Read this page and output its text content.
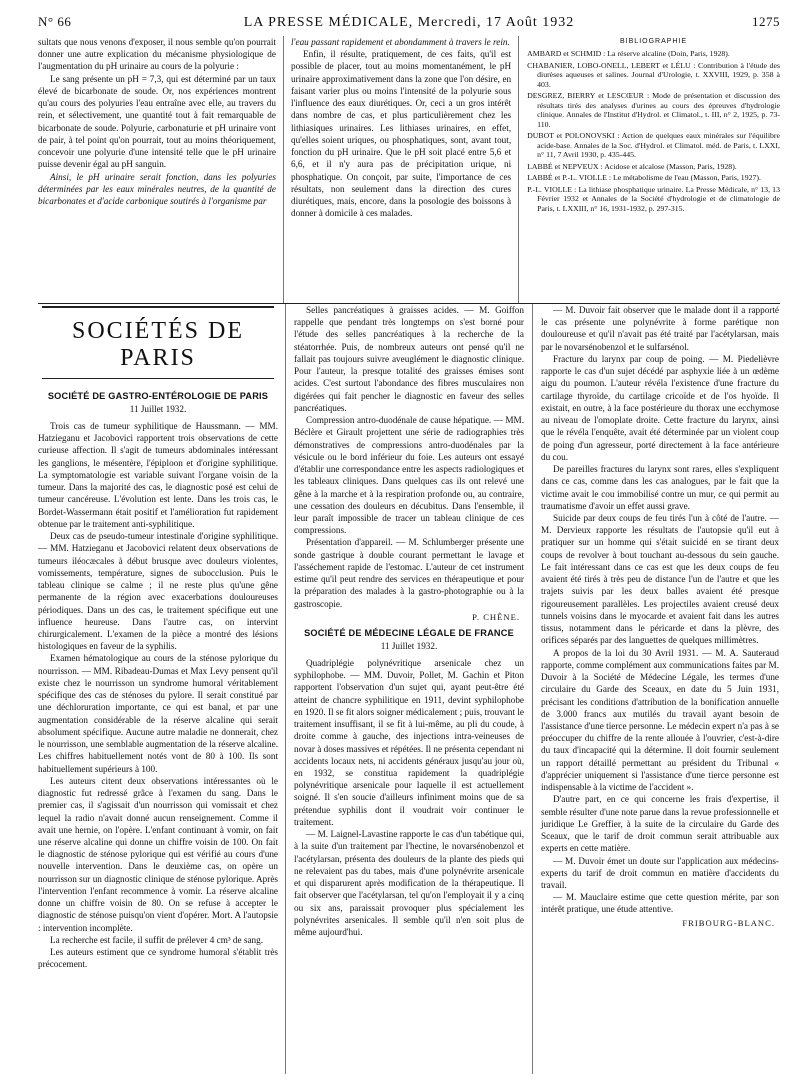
N° 66	LA PRESSE MÉDICALE, Mercredi, 17 Août 1932	1275

sultats que nous venons d'exposer, il nous semble qu'on pourrait donner une autre explication du mécanisme physiologique de l'augmentation du pH urinaire au cours de la polyurie :

Le sang présente un pH = 7,3, qui est déterminé par un taux élevé de bicarbonate de soude. Or, nos expériences montrent qu'au cours des polyuries l'eau entraîne avec elle, au travers du rein, et sélectivement, une quantité tout à fait remarquable de bicarbonate de soude. Polyurie, carbonaturie et pH urinaire vont de pair, à tel point qu'on pourrait, tout au moins théoriquement, concevoir une polyurie d'une intensité telle que le pH urinaire puisse devenir égal au pH sanguin.

Ainsi, le pH urinaire serait fonction, dans les polyuries déterminées par les eaux minérales neutres, de la quantité de bicarbonates et d'acide carbonique soutirés à l'organisme par

l'eau passant rapidement et abondamment à travers le rein.

Enfin, il résulte, pratiquement, de ces faits, qu'il est possible de placer, tout au moins momentanément, le pH urinaire approximativement dans la zone que l'on désire, en faisant varier plus ou moins l'intensité de la polyurie sous l'influence des eaux diurétiques. Or, ceci a un gros intérêt dans nombre de cas, et plus particulièrement chez les lithiasiques urinaires. Les lithiases urinaires, en effet, qu'elles soient uriques, ou phosphatiques, sont, avant tout, fonction du pH urinaire. Que le pH soit placé entre 5,6 et 6,6, et il n'y aura pas de précipitation urique, ni phosphatique. On conçoit, par suite, l'importance de ces résultats, non seulement dans la direction des cures diurétiques, mais, encore, dans la posologie des boissons à donner à domicile à ces malades.

BIBLIOGRAPHIE

AMBARD et SCHMID : La réserve alcaline (Doin, Paris, 1928).

CHABANIER, LOBO-ONELL, LEBERT et LÉLU : Contribution à l'étude des diurèses aqueuses et salines. Journal d'Urologie, t. XXVIII, 1929, p. 358 à 403.

DESGREZ, BIERRY et LESCŒUR : Mode de présentation et discussion des résultats tirés des analyses d'urines au cours des épreuves d'hydrologie clinique. Annales de l'Institut d'Hydrol. et Climatol., t. III, n° 2, 1925, p. 73-110.

DUBOT et POLONOVSKI : Action de quelques eaux minérales sur l'équilibre acide-base. Annales de la Soc. d'Hydrol. et Climatol. méd. de Paris, t. LXXI, n° 11, 7 Avril 1930, p. 435-445.

LABBÉ et NEPVEUX : Acidose et alcalose (Masson, Paris, 1928).

LABBÉ et P.-L. VIOLLE : Le métabolisme de l'eau (Masson, Paris, 1927).

P.-L. VIOLLE : La lithiase phosphatique urinaire. La Presse Médicale, n° 13, 13 Février 1932 et Annales de la Société d'hydrologie et de climatologie de Paris, t. LXXIII, n° 16, 1931-1932, p. 297-315.

SOCIÉTÉS DE PARIS
SOCIÉTÉ DE GASTRO-ENTÉROLOGIE DE PARIS
11 Juillet 1932.

Trois cas de tumeur syphilitique de Haussmann. — MM. Hatzieganu et Jacobovici rapportent trois observations de cette curieuse affection. Il s'agit de tumeurs abdominales intéressant les ganglions, le mésentère, l'épiploon et d'origine syphilitique. La symptomatologie est variable suivant l'organe voisin de la tumeur. Dans la majorité des cas, le diagnostic posé est celui de tumeur cancéreuse. L'évolution est lente. Dans les trois cas, le Bordet-Wassermann était positif et l'amélioration fut rapidement obtenue par le traitement anti-syphilitique.

Deux cas de pseudo-tumeur intestinale d'origine syphilitique. — MM. Hatzieganu et Jacobovici relatent deux observations de tumeurs iléocæcales à début brusque avec douleurs violentes, vomissements, température, signes de subocclusion. Puis le tableau clinique se calme ; il ne reste plus qu'une gêne permanente de la région avec exacerbations douloureuses périodiques. Dans un des cas, le traitement spécifique eut une influence heureuse. Dans l'autre cas, on intervint chirurgicalement. L'examen de la pièce a montré des lésions histologiques en faveur de la syphilis.

Examen hématologique au cours de la sténose pylorique du nourrisson. — MM. Ribadeau-Dumas et Max Levy pensent qu'il existe chez le nourrisson un syndrome humoral véritablement spécifique des cas de sténoses du pylore. Il serait constitué par une déchloruration importante, ce qui est banal, et par une augmentation considérable de la réserve alcaline qui serait absolument spécifique. Aucune autre maladie ne donnerait, chez le nourrisson, une semblable augmentation de la réserve alcaline. Les chiffres habituellement notés vont de 80 à 100. Ils sont habituellement supérieurs à 100.

Les auteurs citent deux observations intéressantes où le diagnostic fut redressé grâce à l'examen du sang. Dans le premier cas, il s'agissait d'un nourrisson qui vomissait et chez lequel la radio n'avait donné aucun renseignement. Comme il avait une hernie, on l'opère. L'enfant continuant à vomir, on fait une réserve alcaline qui donne un chiffre voisin de 100. On fait le diagnostic de sténose pylorique qui est vérifié au cours d'une nouvelle intervention. Dans le deuxième cas, on opère un nourrisson sur un diagnostic clinique de sténose pylorique. Après l'intervention l'enfant recommence à vomir. La réserve alcaline donne un chiffre voisin de 80. On se refuse à accepter le diagnostic de sténose puisqu'on vient d'opérer. Mort. A l'autopsie : intervention incomplète.

La recherche est facile, il suffit de prélever 4 cm³ de sang.

Les auteurs estiment que ce syndrome humoral s'établit très précocement.

Selles pancréatiques à graisses acides. — M. Goiffon rappelle que pendant très longtemps on s'est borné pour l'étude des selles pancréatiques à la recherche de la stéatorrhée. Puis, de nombreux auteurs ont pensé qu'il ne fallait pas toujours suivre aveuglément le diagnostic clinique. Pour l'auteur, la presque totalité des graisses émises sont acides. C'est surtout l'abondance des fibres musculaires non digérées qui fait pencher le diagnostic en faveur des selles pancréatiques.

Compression antro-duodénale de cause hépatique. — MM. Béclère et Girault projettent une série de radiographies très démonstratives de compressions antro-duodénales par la vésicule ou le bord inférieur du foie. Les auteurs ont essayé d'établir une correspondance entre les aspects radiologiques et les tableaux cliniques. Dans quelques cas ils ont relevé une gêne à la marche et à la respiration profonde ou, au contraire, une cessation des douleurs en décubitus. Dans l'ensemble, il leur paraît impossible de tracer un tableau clinique de ces compressions.

Présentation d'appareil. — M. Schlumberger présente une sonde gastrique à double courant permettant le lavage et l'asséchement rapide de l'estomac. L'auteur de cet instrument estime qu'il peut rendre des services en thérapeutique et pour la préparation des malades à la gastro-photographie ou à la gastroscopie.

P. CHÊNE.
SOCIÉTÉ DE MÉDECINE LÉGALE DE FRANCE
11 Juillet 1932.

Quadriplégie polynévritique arsenicale chez un syphilophobe. — MM. Duvoir, Pollet, M. Gachin et Piton rapportent l'observation d'un sujet qui, ayant peut-être été atteint de chancre syphilitique en 1911, devint syphilophobe en 1920. Il se fit alors soigner médicalement ; puis, trouvant le traitement insuffisant, il se fit à lui-même, au pli du coude, à droite comme à gauche, des injections intra-veineuses de novar à doses massives et répétées. Il ne présenta cependant ni accidents locaux nets, ni accidents généraux jusqu'au jour où, en 1932, se constitua rapidement la quadriplégie polynévritique arsenicale pour laquelle il est actuellement soigné. Il s'en soucie d'ailleurs infiniment moins que de sa prétendue syphilis dont il voudrait voir continuer le traitement.

— M. Laignel-Lavastine rapporte le cas d'un tabétique qui, à la suite d'un traitement par l'hectine, le novarsénobenzol et l'acétylarsan, présenta des douleurs de la plante des pieds qui ne relevaient pas du tabes, mais d'une polynévrite arsenicale et qui disparurent après modification de la thérapeutique. Il fait observer que l'acétylarsan, tel qu'on l'employait il y a cinq ou six ans, paraissait provoquer plus spécialement les polynévrites arsenicales. Il semble qu'il n'en soit plus de même aujourd'hui.

— M. Duvoir fait observer que le malade dont il a rapporté le cas présente une polynévrite à forme parétique non douloureuse et qu'il n'avait pas été traité par l'acétylarsan, mais par le novarsénobenzol et le sulfarsénol.

Fracture du larynx par coup de poing. — M. Piedelièvre rapporte le cas d'un sujet décédé par asphyxie liée à un œdème aigu du poumon. L'auteur révéla l'existence d'une fracture du cartilage thyroïde, du cartilage cricoïde et de l'os hyoïde. Il existait, en outre, à la face postérieure du thorax une ecchymose au niveau de l'omoplate droite. Cette fracture du larynx, ainsi que le révéla l'enquête, avait été déterminée par un violent coup de poing d'un agresseur, porté directement à la face antérieure du cou.

De pareilles fractures du larynx sont rares, elles s'expliquent dans ce cas, comme dans les cas analogues, par le fait que la victime avait le cou immobilisé contre un mur, ce qui permit au traumatisme d'avoir un effet aussi grave.

Suicide par deux coups de feu tirés l'un à côté de l'autre. — M. Dervieux rapporte les résultats de l'autopsie qu'il eut à pratiquer sur un homme qui s'était suicidé en se tirant deux coups de revolver à bout touchant au-dessous du sein gauche. Le fait intéressant dans ce cas est que les deux coups de feu avaient été tirés à très peu de distance l'un de l'autre et que les trajets suivis par les deux balles avaient été presque rigoureusement parallèles. Les projectiles avaient creusé deux tunnels voisins dans le myocarde et avaient fait dans les autres tissus, notamment dans le péricarde et dans la plèvre, des orifices séparés par des languettes de quelques millimètres.

A propos de la loi du 30 Avril 1931. — M. A. Sauteraud rapporte, comme complément aux communications faites par M. Duvoir à la Société de Médecine Légale, les termes d'une circulaire du Garde des Sceaux, en date du 5 Juin 1931, précisant les conditions d'attribution de la bonification annuelle de 3.000 francs aux mutilés du travail ayant besoin de l'assistance d'une tierce personne. Le médecin expert n'a pas à se préoccuper du chiffre de la rente allouée à l'ouvrier, c'est-à-dire du taux d'incapacité qui la détermine. Il doit fournir seulement un rapport détaillé permettant au président du Tribunal « d'apprécier uniquement si l'assistance d'une tierce personne est indispensable à la victime de l'accident ».

D'autre part, en ce qui concerne les frais d'expertise, il semble résulter d'une note parue dans la revue professionnelle et juridique Le Greffier, à la suite de la circulaire du Garde des Sceaux, que le tarif de droit commun serait attribuable aux experts en cette matière.

— M. Duvoir émet un doute sur l'application aux médecins-experts du tarif de droit commun en matière d'accidents du travail.

— M. Mauclaire estime que cette question mérite, par son intérêt pratique, une étude attentive.

FRIBOURG-BLANC.
